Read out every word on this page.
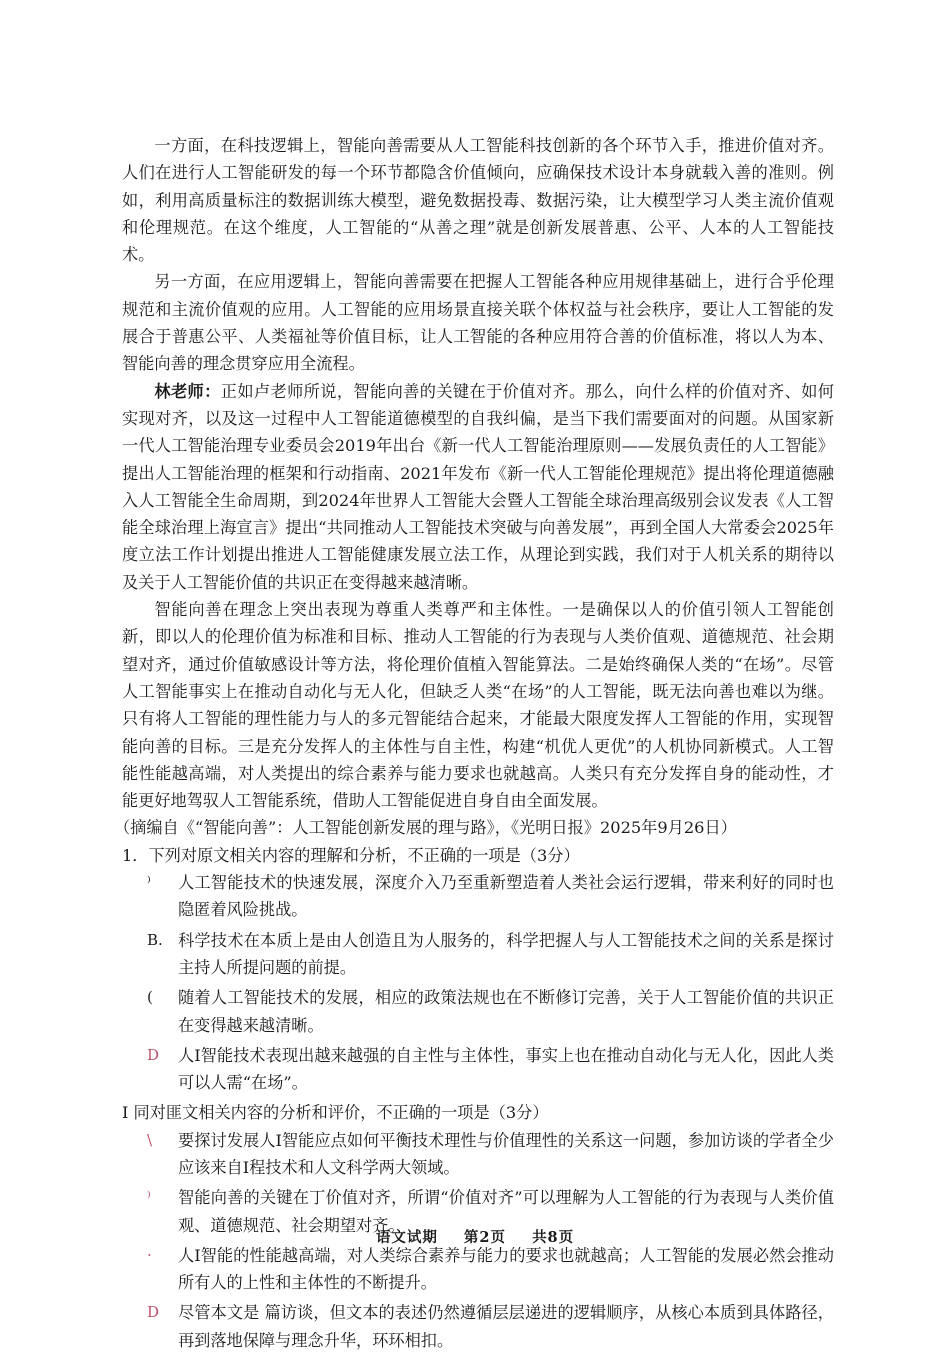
一方面，在科技逻辑上，智能向善需要从人工智能科技创新的各个环节入手，推进价值对齐。人们在进行人工智能研发的每一个环节都隐含价值倾向，应确保技术设计本身就载入善的准则。例如，利用高质量标注的数据训练大模型，避免数据投毒、数据污染，让大模型学习人类主流价值观和伦理规范。在这个维度，人工智能的“从善之理”就是创新发展普惠、公平、人本的人工智能技术。

另一方面，在应用逻辑上，智能向善需要在把握人工智能各种应用规律基础上，进行合乎伦理规范和主流价值观的应用。人工智能的应用场景直接关联个体权益与社会秩序，要让人工智能的发展合于普惠公平、人类福祉等价值目标，让人工智能的各种应用符合善的价值标准，将以人为本、智能向善的理念贯穿应用全流程。

林老师：正如卢老师所说，智能向善的关键在于价值对齐。那么，向什么样的价值对齐、如何实现对齐，以及这一过程中人工智能道德模型的自我纠偏，是当下我们需要面对的问题。从国家新一代人工智能治理专业委员会2019年出台《新一代人工智能治理原则——发展负责任的人工智能》提出人工智能治理的框架和行动指南、2021年发布《新一代人工智能伦理规范》提出将伦理道德融入人工智能全生命周期，到2024年世界人工智能大会暨人工智能全球治理高级别会议发表《人工智能全球治理上海宣言》提出“共同推动人工智能技术突破与向善发展”，再到全国人大常委会2025年度立法工作计划提出推进人工智能健康发展立法工作，从理论到实践，我们对于人机关系的期待以及关于人工智能价值的共识正在变得越来越清晰。

智能向善在理念上突出表现为尊重人类尊严和主体性。一是确保以人的价值引领人工智能创新，即以人的伦理价值为标准和目标、推动人工智能的行为表现与人类价值观、道德规范、社会期望对齐，通过价值敏感设计等方法，将伦理价值植入智能算法。二是始终确保人类的“在场”。尽管人工智能事实上在推动自动化与无人化，但缺乏人类“在场”的人工智能，既无法向善也难以为继。只有将人工智能的理性能力与人的多元智能结合起来，才能最大限度发挥人工智能的作用，实现智能向善的目标。三是充分发挥人的主体性与自主性，构建“机优人更优”的人机协同新模式。人工智能性能越高端，对人类提出的综合素养与能力要求也就越高。人类只有充分发挥自身的能动性，才能更好地驾驭人工智能系统，借助人工智能促进自身自由全面发展。

（摘编自《“智能向善”：人工智能创新发展的理与路》，《光明日报》2025年9月26日）

1．下列对原文相关内容的理解和分析，不正确的一项是（3分）

⁾	人工智能技术的快速发展，深度介入乃至重新塑造着人类社会运行逻辑，带来利好的同时也隐匿着风险挑战。
B. 科学技术在本质上是由人创造且为人服务的，科学把握人与人工智能技术之间的关系是探讨主持人所提问题的前提。
(	随着人工智能技术的发展，相应的政策法规也在不断修订完善，关于人工智能价值的共识正在变得越来越清晰。
D	人Ⅰ智能技术表现出越来越强的自主性与主体性，事实上也在推动自动化与无人化，因此人类可以人需“在场”。

Ⅰ 同对匪文相关内容的分析和评价，不正确的一项是（3分）

\	要探讨发展人Ⅰ智能应点如何平衡技术理性与价值理性的关系这一问题，参加访谈的学者全少应该来自Ⅰ程技术和人文科学两大领域。
⁾	智能向善的关键在丁价值对齐，所谓“价值对齐”可以理解为人工智能的行为表现与人类价值观、道德规范、社会期望对齐。
·	人Ⅰ智能的性能越高端，对人类综合素养与能力的要求也就越高；人工智能的发展必然会推动所有人的上性和主体性的不断提升。
D	尽管本文是 篇访谈，但文本的表述仍然遵循层层递进的逻辑顺序，从核心本质到具体路径，再到落地保障与理念升华，环环相扣。
语文试期 第2页 共8页
